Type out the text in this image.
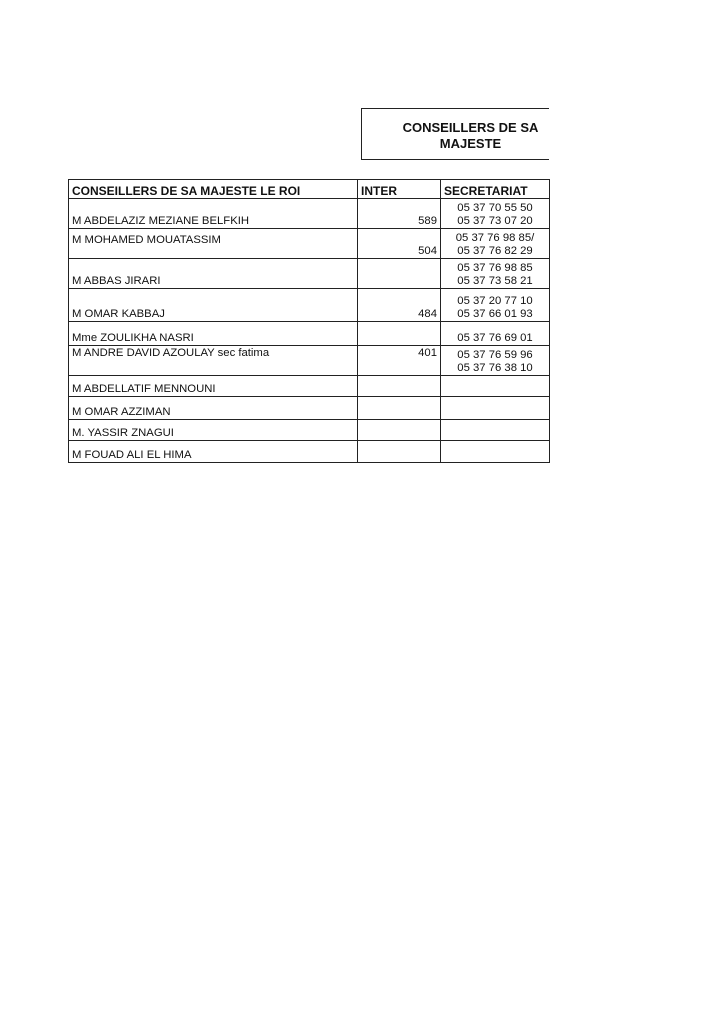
CONSEILLERS DE SA
MAJESTE
CONSEILLERS DE SA MAJESTE LE ROI	INTER	SECRETARIAT
M ABDELAZIZ MEZIANE BELFKIH	589	05 37 70 55 50
05 37 73 07 20

M MOHAMED MOUATASSIM	504	05 37 76 98 85/
05 37 76 82 29

M ABBAS JIRARI		05 37 76 98 85
05 37 73 58 21

M OMAR KABBAJ	484	05 37 20 77 10
05 37 66 01 93

Mme ZOULIKHA NASRI		05 37 76 69 01

M ANDRE DAVID AZOULAY sec fatima	401	05 37 76 59 96
05 37 76 38 10

M ABDELLATIF MENNOUNI		

M OMAR AZZIMAN		

M. YASSIR ZNAGUI		

M FOUAD ALI EL HIMA		
